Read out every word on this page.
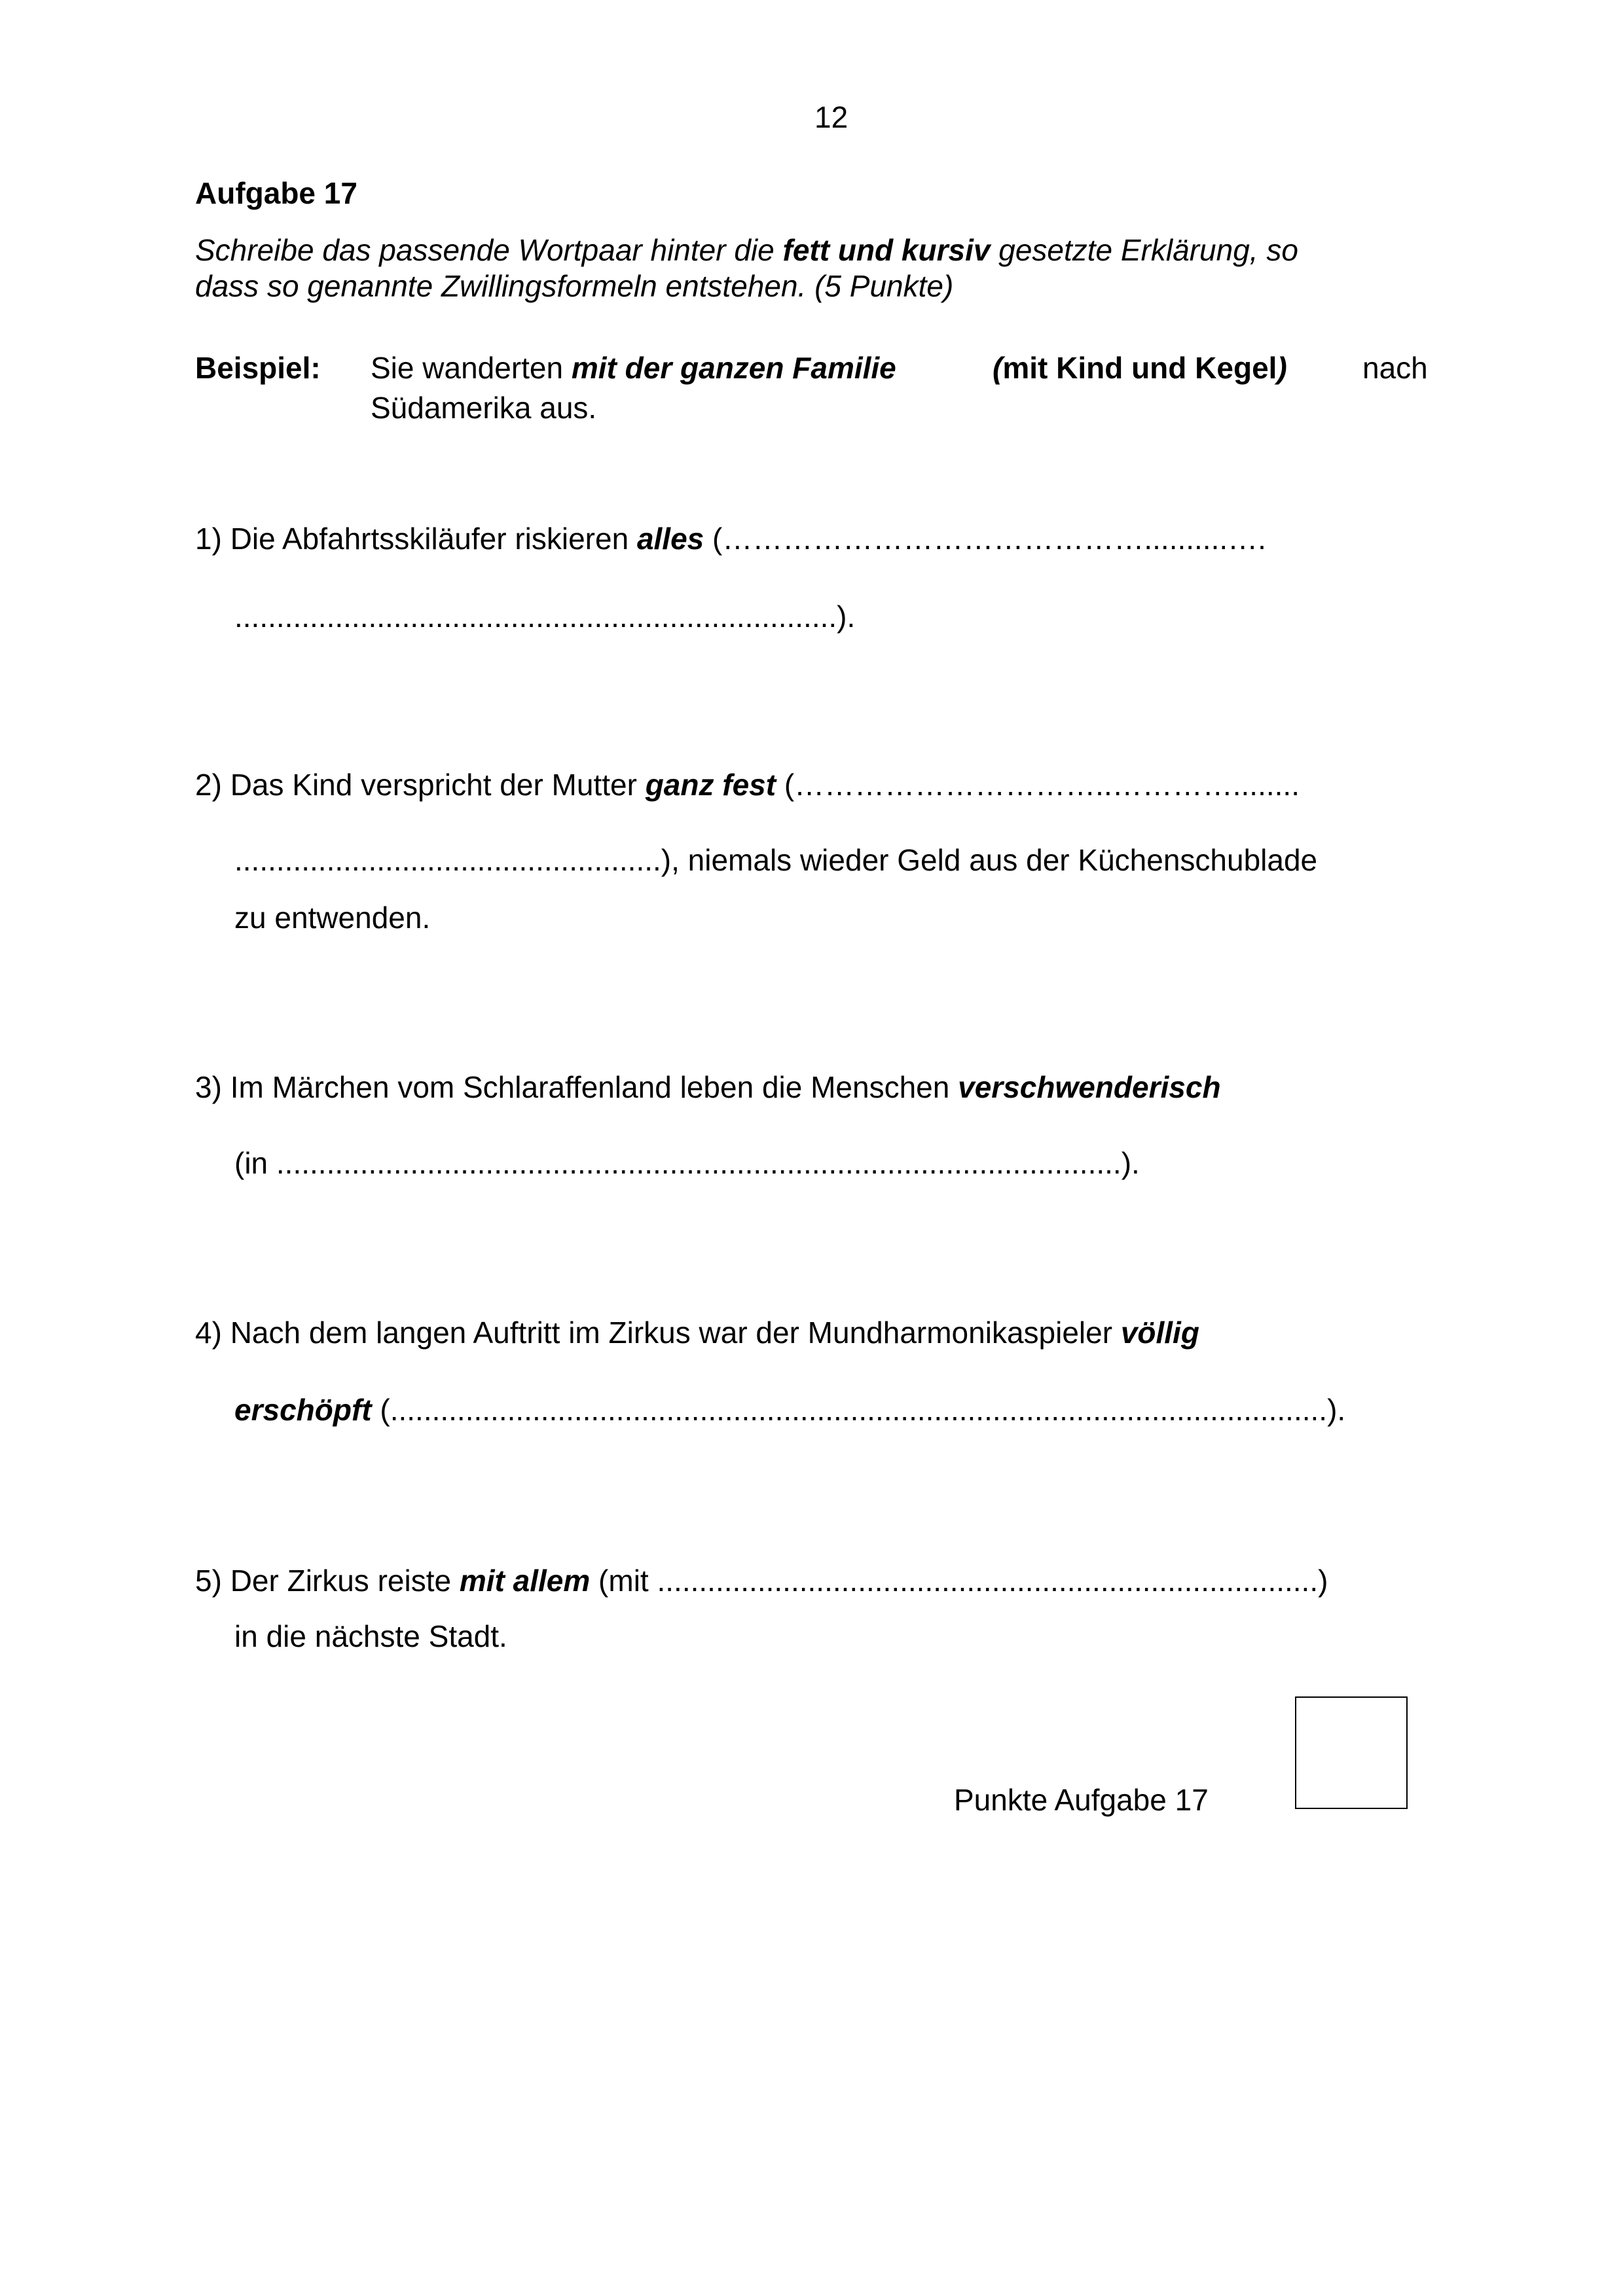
12
Aufgabe 17
Schreibe das passende Wortpaar hinter die fett und kursiv gesetzte Erklärung, so
dass so genannte Zwillingsformeln entstehen. (5 Punkte)
Beispiel: Sie wanderten mit der ganzen Familie	(mit Kind und Kegel)	nach
Südamerika aus.
1) Die Abfahrtsskiläufer riskieren alles (……………………………………..........….
........................................................................).
2) Das Kind verspricht der Mutter ganz fest (…………………………..…………........
...................................................), niemals wieder Geld aus der Küchenschublade
zu entwenden.
3) Im Märchen vom Schlaraffenland leben die Menschen verschwenderisch
(in .....................................................................................................).
4) Nach dem langen Auftritt im Zirkus war der Mundharmonikaspieler völlig
erschöpft (................................................................................................................).
5) Der Zirkus reiste mit allem (mit ...............................................................................)
in die nächste Stadt.
Punkte Aufgabe 17
